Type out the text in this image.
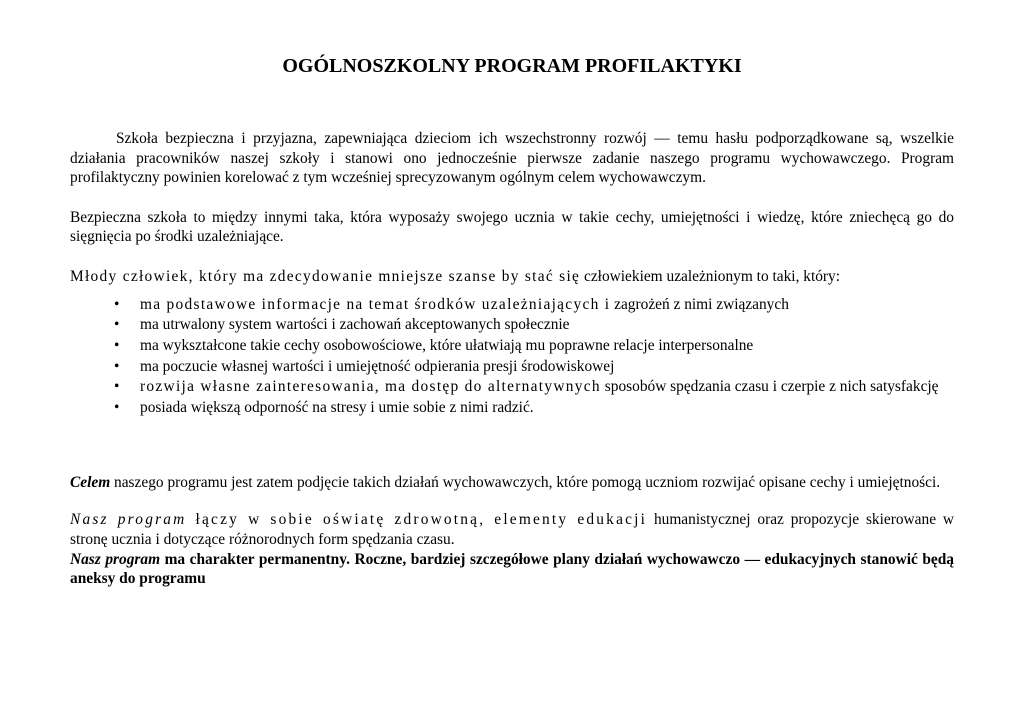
OGÓLNOSZKOLNY PROGRAM PROFILAKTYKI

Szkoła bezpieczna i przyjazna, zapewniająca dzieciom ich wszechstronny rozwój — temu hasłu podporządkowane są, wszelkie działania pracowników naszej szkoły i stanowi ono jednocześnie pierwsze zadanie naszego programu wychowawczego. Program profilaktyczny powinien korelować z tym wcześniej sprecyzowanym ogólnym celem wychowawczym.

Bezpieczna szkoła to między innymi taka, która wyposaży swojego ucznia w takie cechy, umiejętności i wiedzę, które zniechęcą go do sięgnięcia po środki uzależniające.

Młody człowiek, który ma zdecydowanie mniejsze szanse by stać się człowiekiem uzależnionym to taki, który:

• ma podstawowe informacje na temat środków uzależniających i zagrożeń z nimi związanych
• ma utrwalony system wartości i zachowań akceptowanych społecznie
• ma wykształcone takie cechy osobowościowe, które ułatwiają mu poprawne relacje interpersonalne
• ma poczucie własnej wartości i umiejętność odpierania presji środowiskowej
• rozwija własne zainteresowania, ma dostęp do alternatywnych sposobów spędzania czasu i czerpie z nich satysfakcję
• posiada większą odporność na stresy i umie sobie z nimi radzić.

Celem naszego programu jest zatem podjęcie takich działań wychowawczych, które pomogą uczniom rozwijać opisane cechy i umiejętności.

Nasz program łączy w sobie oświatę zdrowotną, elementy edukacji humanistycznej oraz propozycje skierowane w stronę ucznia i dotyczące różnorodnych form spędzania czasu.

Nasz program ma charakter permanentny. Roczne, bardziej szczegółowe plany działań wychowawczo — edukacyjnych stanowić będą aneksy do programu
